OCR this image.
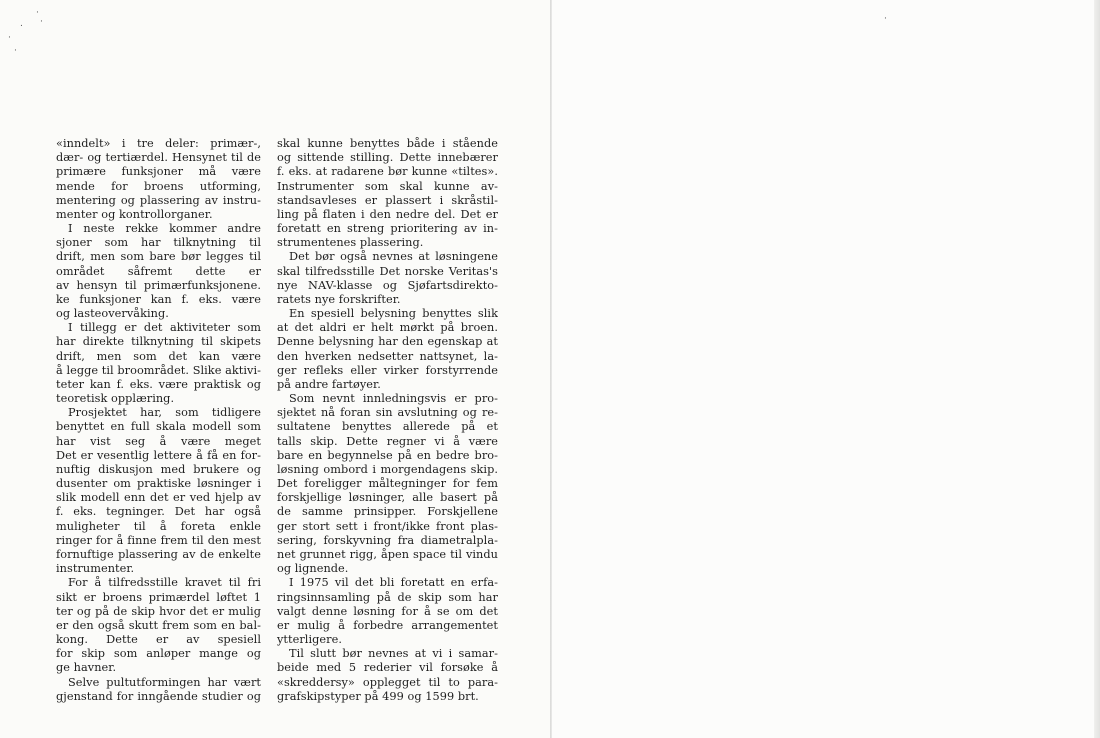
·
. ·
·
·
·
«inndelt» i tre deler: primær-,
dær- og tertiærdel. Hensynet til de
primære funksjoner må være
mende for broens utforming,
mentering og plassering av instru-
menter og kontrollorganer.
I neste rekke kommer andre
sjoner som har tilknytning til
drift, men som bare bør legges til
området såfremt dette er
av hensyn til primærfunksjonene.
ke funksjoner kan f. eks. være
og lasteovervåking.
I tillegg er det aktiviteter som
har direkte tilknytning til skipets
drift, men som det kan være
å legge til broområdet. Slike aktivi-
teter kan f. eks. være praktisk og
teoretisk opplæring.
Prosjektet har, som tidligere
benyttet en full skala modell som
har vist seg å være meget
Det er vesentlig lettere å få en for-
nuftig diskusjon med brukere og
dusenter om praktiske løsninger i
slik modell enn det er ved hjelp av
f. eks. tegninger. Det har også
muligheter til å foreta enkle
ringer for å finne frem til den mest
fornuftige plassering av de enkelte
instrumenter.
For å tilfredsstille kravet til fri
sikt er broens primærdel løftet 1
ter og på de skip hvor det er mulig
er den også skutt frem som en bal-
kong. Dette er av spesiell
for skip som anløper mange og
ge havner.
Selve pultutformingen har vært
gjenstand for inngående studier og
skal kunne benyttes både i stående
og sittende stilling. Dette innebærer
f. eks. at radarene bør kunne «tiltes».
Instrumenter som skal kunne av-
standsavleses er plassert i skråstil-
ling på flaten i den nedre del. Det er
foretatt en streng prioritering av in-
strumentenes plassering.
Det bør også nevnes at løsningene
skal tilfredsstille Det norske Veritas's
nye NAV-klasse og Sjøfartsdirekto-
ratets nye forskrifter.
En spesiell belysning benyttes slik
at det aldri er helt mørkt på broen.
Denne belysning har den egenskap at
den hverken nedsetter nattsynet, la-
ger refleks eller virker forstyrrende
på andre fartøyer.
Som nevnt innledningsvis er pro-
sjektet nå foran sin avslutning og re-
sultatene benyttes allerede på et
talls skip. Dette regner vi å være
bare en begynnelse på en bedre bro-
løsning ombord i morgendagens skip.
Det foreligger måltegninger for fem
forskjellige løsninger, alle basert på
de samme prinsipper. Forskjellene
ger stort sett i front/ikke front plas-
sering, forskyvning fra diametralpla-
net grunnet rigg, åpen space til vindu
og lignende.
I 1975 vil det bli foretatt en erfa-
ringsinnsamling på de skip som har
valgt denne løsning for å se om det
er mulig å forbedre arrangementet
ytterligere.
Til slutt bør nevnes at vi i samar-
beide med 5 rederier vil forsøke å
«skreddersy» opplegget til to para-
grafskipstyper på 499 og 1599 brt.
